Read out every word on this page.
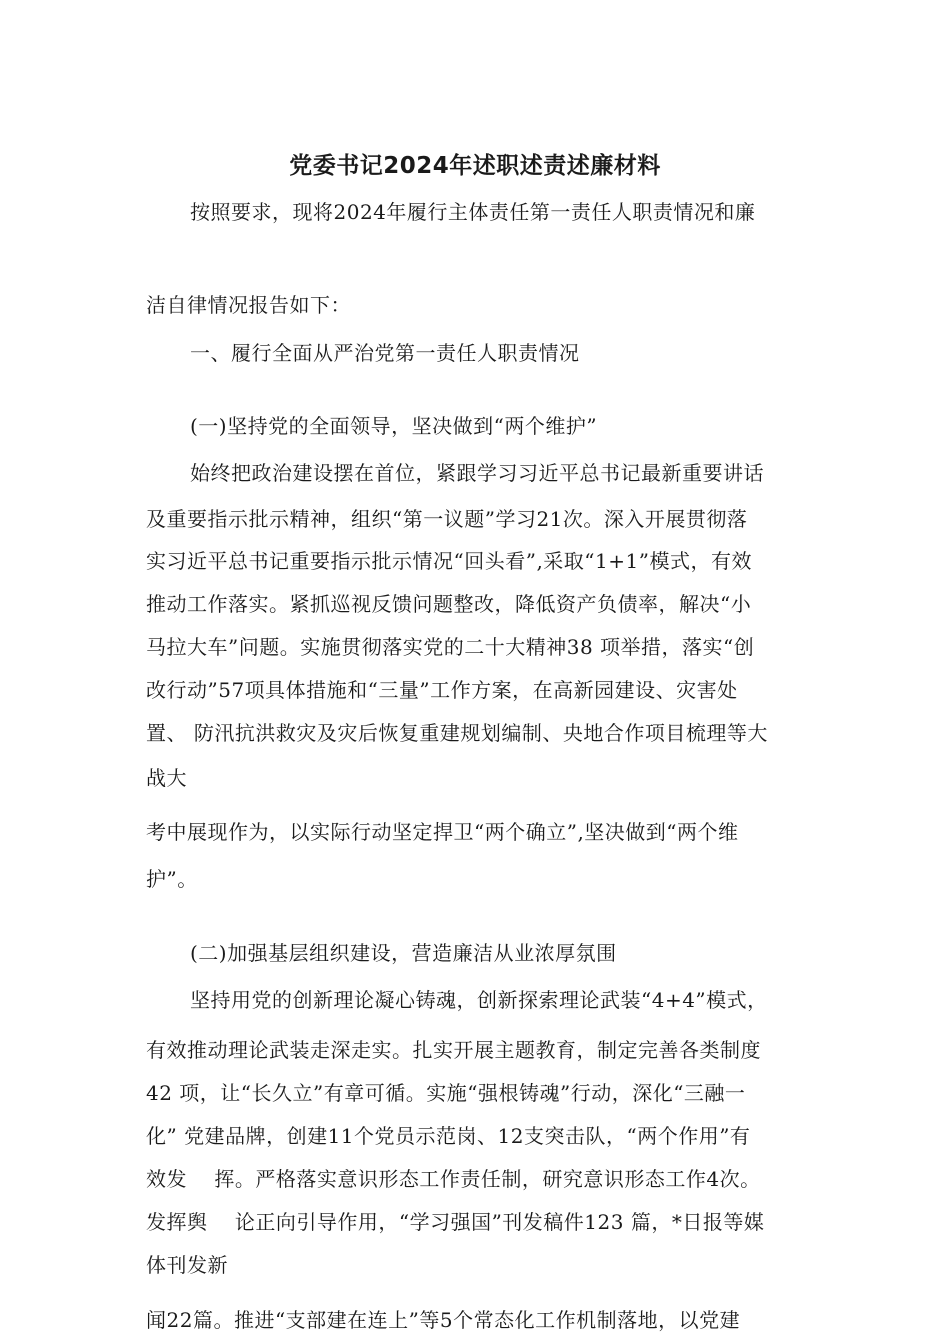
党委书记2024年述职述责述廉材料
按照要求，现将2024年履行主体责任第一责任人职责情况和廉
洁自律情况报告如下：
一、履行全面从严治党第一责任人职责情况
(一)坚持党的全面领导，坚决做到“两个维护”
始终把政治建设摆在首位，紧跟学习习近平总书记最新重要讲话
及重要指示批示精神，组织“第一议题”学习21次。深入开展贯彻落
实习近平总书记重要指示批示情况“回头看”,采取“1+1”模式，有效
推动工作落实。紧抓巡视反馈问题整改，降低资产负债率，解决“小
马拉大车”问题。实施贯彻落实党的二十大精神38 项举措，落实“创
改行动”57项具体措施和“三量”工作方案，在高新园建设、灾害处
置、 防汛抗洪救灾及灾后恢复重建规划编制、央地合作项目梳理等大
战大
考中展现作为，以实际行动坚定捍卫“两个确立”,坚决做到“两个维
护”。
(二)加强基层组织建设，营造廉洁从业浓厚氛围
坚持用党的创新理论凝心铸魂，创新探索理论武装“4+4”模式，
有效推动理论武装走深走实。扎实开展主题教育，制定完善各类制度
42 项，让“长久立”有章可循。实施“强根铸魂”行动，深化“三融一
化” 党建品牌，创建11个党员示范岗、12支突击队，“两个作用”有
效发　 挥。严格落实意识形态工作责任制，研究意识形态工作4次。
发挥舆　 论正向引导作用，“学习强国”刊发稿件123 篇，*日报等媒
体刊发新
闻22篇。推进“支部建在连上”等5个常态化工作机制落地，以党建
